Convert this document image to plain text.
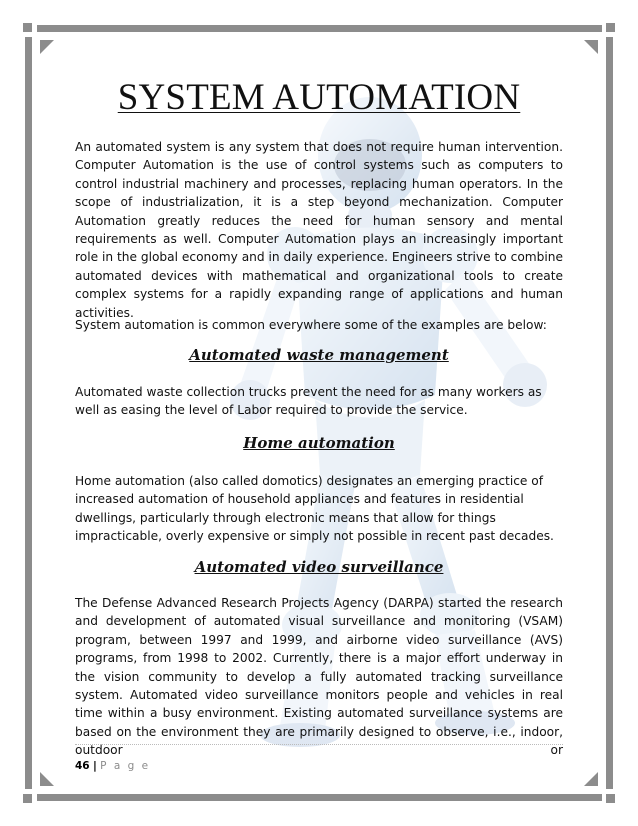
SYSTEM AUTOMATION

An automated system is any system that does not require human intervention. Computer Automation is the use of control systems such as computers to control industrial machinery and processes, replacing human operators. In the scope of industrialization, it is a step beyond mechanization. Computer Automation greatly reduces the need for human sensory and mental requirements as well. Computer Automation plays an increasingly important role in the global economy and in daily experience. Engineers strive to combine automated devices with mathematical and organizational tools to create complex systems for a rapidly expanding range of applications and human activities.

System automation is common everywhere some of the examples are below:

Automated waste management

Automated waste collection trucks prevent the need for as many workers as well as easing the level of Labor required to provide the service.

Home automation

Home automation (also called domotics) designates an emerging practice of increased automation of household appliances and features in residential dwellings, particularly through electronic means that allow for things impracticable, overly expensive or simply not possible in recent past decades.

Automated video surveillance

The Defense Advanced Research Projects Agency (DARPA) started the research and development of automated visual surveillance and monitoring (VSAM) program, between 1997 and 1999, and airborne video surveillance (AVS) programs, from 1998 to 2002. Currently, there is a major effort underway in the vision community to develop a fully automated tracking surveillance system. Automated video surveillance monitors people and vehicles in real time within a busy environment. Existing automated surveillance systems are based on the environment they are primarily designed to observe, i.e., indoor, outdoor or

46 | P a g e
